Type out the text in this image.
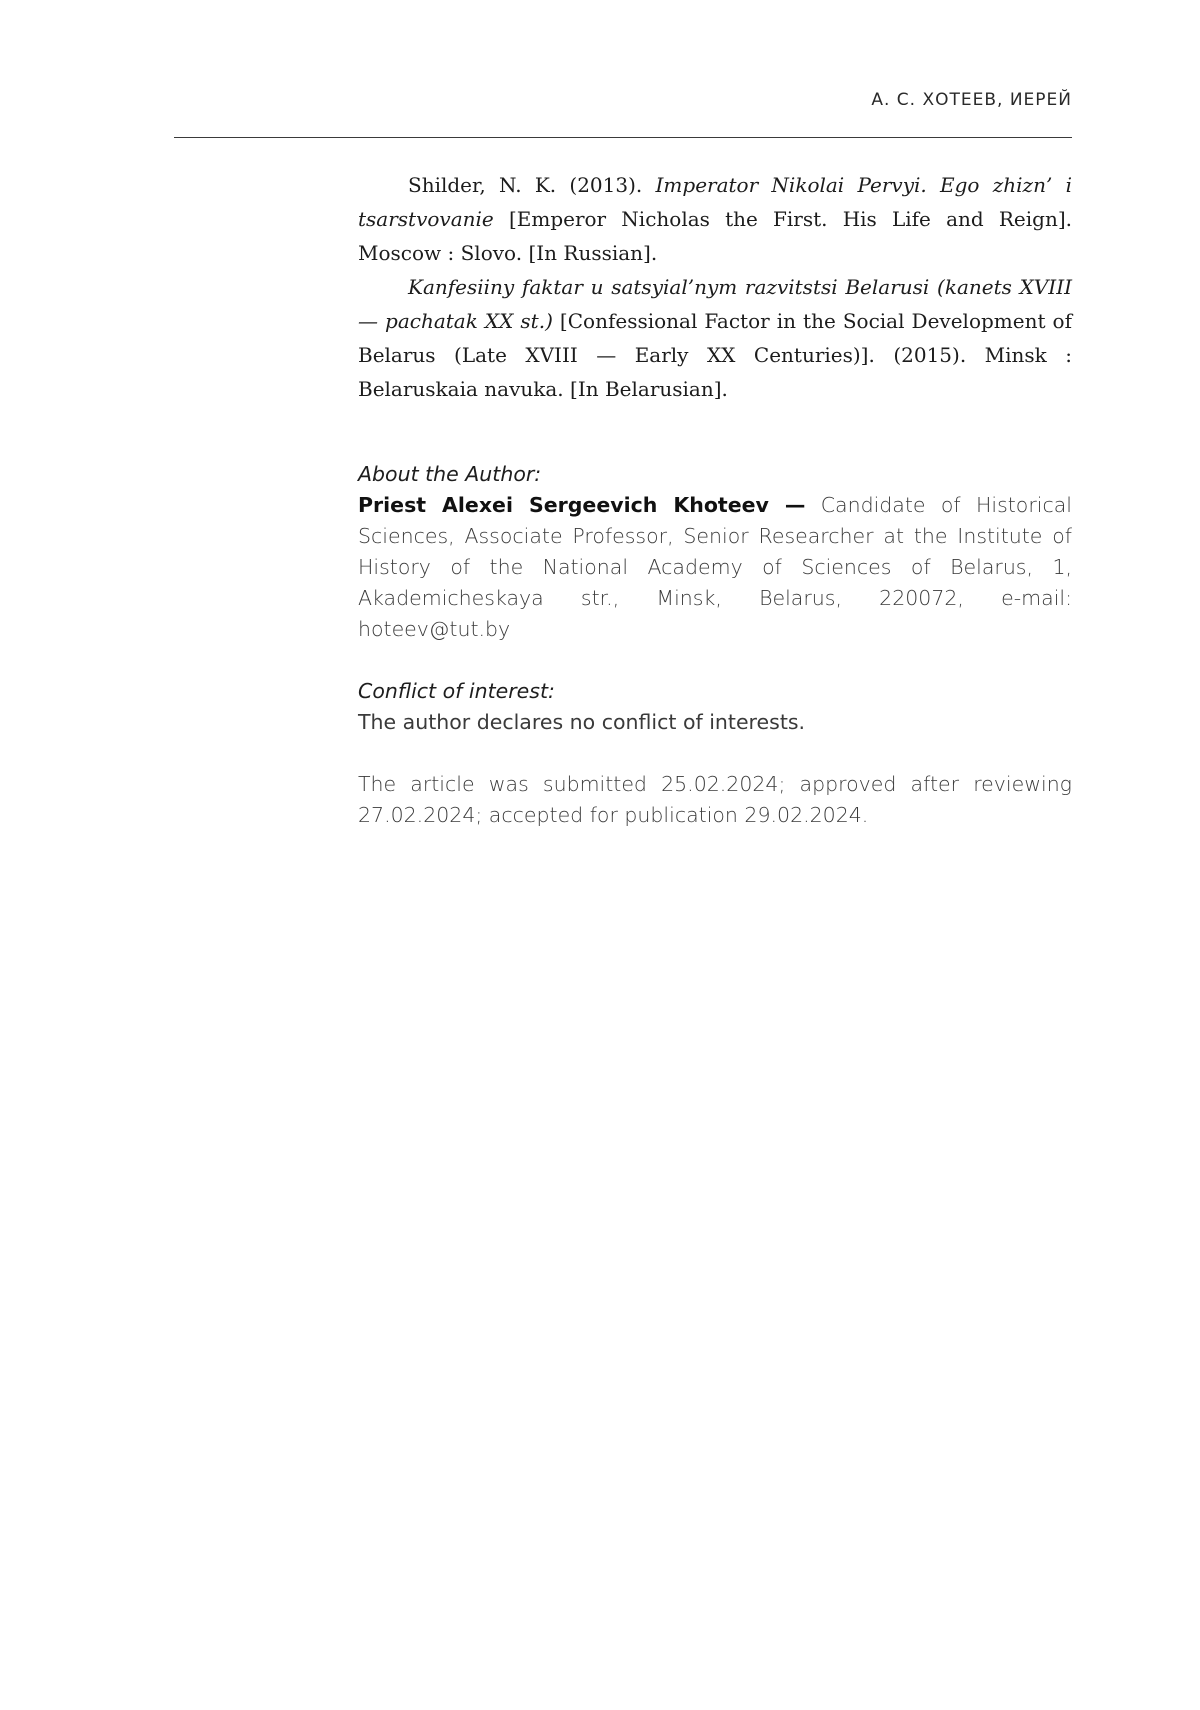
А. С. ХОТЕЕВ, ИЕРЕЙ

Shilder, N. K. (2013). Imperator Nikolai Pervyi. Ego zhizn’ i tsarstvovanie [Emperor Nicholas the First. His Life and Reign]. Moscow : Slovo. [In Russian].

Kanfesiiny faktar u satsyial’nym razvitstsi Belarusi (kanets XVIII — pachatak XX st.) [Confessional Factor in the Social Development of Belarus (Late XVIII — Early XX Centuries)]. (2015). Minsk : Belaruskaia navuka. [In Belarusian].

About the Author:

Priest Alexei Sergeevich Khoteev — Candidate of Historical Sciences, Associate Professor, Senior Researcher at the Institute of History of the National Academy of Sciences of Belarus, 1, Akademicheskaya str., Minsk, Belarus, 220072, e-mail: hoteev@tut.by

Conflict of interest:

The author declares no conflict of interests.

The article was submitted 25.02.2024; approved after reviewing 27.02.2024; accepted for publication 29.02.2024.
